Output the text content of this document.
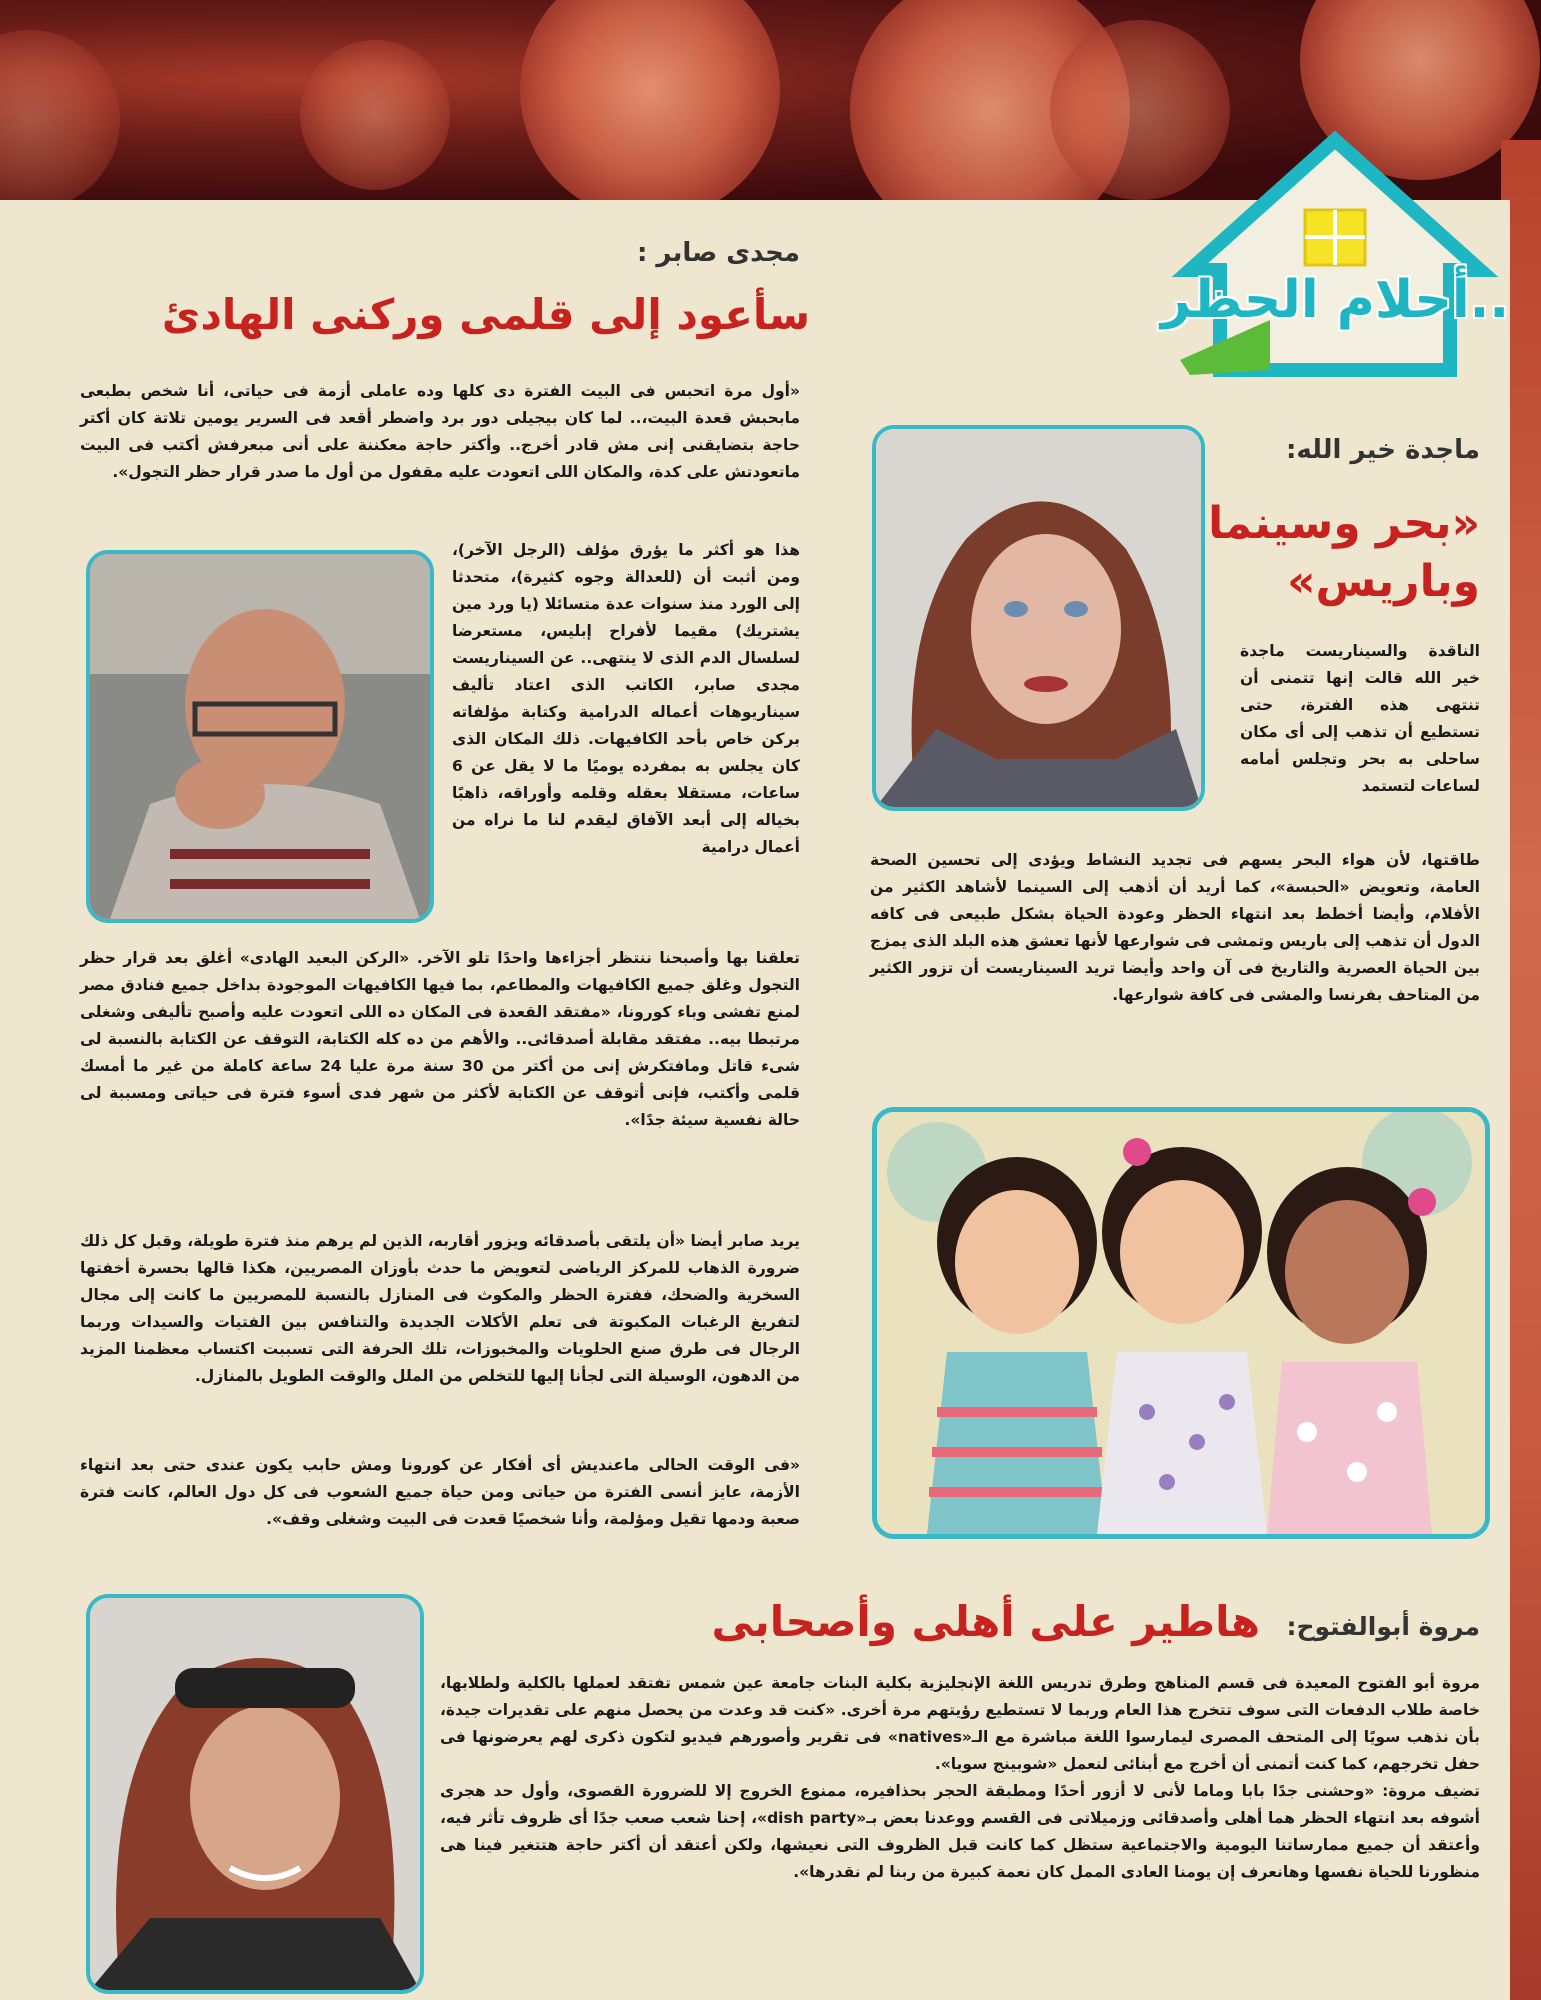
أحلام الحظر..
مجدى صابر :
سأعود إلى قلمى وركنى الهادئ
«أول مرة اتحبس فى البيت الفترة دى كلها وده عاملى أزمة فى حياتى، أنا شخص بطبعى مابحبش قعدة البيت،.. لما كان بيجيلى دور برد واضطر أقعد فى السرير يومين تلاتة كان أكتر حاجة بتضايقنى إنى مش قادر أخرج.. وأكتر حاجة معكننة على أنى مبعرفش أكتب فى البيت ماتعودتش على كدة، والمكان اللى اتعودت عليه مقفول من أول ما صدر قرار حظر التجول».
هذا هو أكثر ما يؤرق مؤلف (الرجل الآخر)، ومن أثبت أن (للعدالة وجوه كثيرة)، متحدثا إلى الورد منذ سنوات عدة متسائلا (يا ورد مين يشتريك) مقيما لأفراح إبليس، مستعرضا لسلسال الدم الذى لا ينتهى.. عن السيناريست مجدى صابر، الكاتب الذى اعتاد تأليف سيناريوهات أعماله الدرامية وكتابة مؤلفاته بركن خاص بأحد الكافيهات. ذلك المكان الذى كان يجلس به بمفرده يوميًا ما لا يقل عن 6 ساعات، مستقلا بعقله وقلمه وأوراقه، ذاهبًا بخياله إلى أبعد الآفاق ليقدم لنا ما نراه من أعمال درامية
تعلقنا بها وأصبحنا ننتظر أجزاءها واحدًا تلو الآخر. «الركن البعيد الهادى» أغلق بعد قرار حظر التجول وغلق جميع الكافيهات والمطاعم، بما فيها الكافيهات الموجودة بداخل جميع فنادق مصر لمنع تفشى وباء كورونا، «مفتقد القعدة فى المكان ده اللى اتعودت عليه وأصبح تأليفى وشغلى مرتبطا بيه.. مفتقد مقابلة أصدقائى.. والأهم من ده كله الكتابة، التوقف عن الكتابة بالنسبة لى شىء قاتل ومافتكرش إنى من أكتر من 30 سنة مرة عليا 24 ساعة كاملة من غير ما أمسك قلمى وأكتب، فإنى أتوقف عن الكتابة لأكثر من شهر فدى أسوء فترة فى حياتى ومسببة لى حالة نفسية سيئة جدًا».
يريد صابر أيضا «أن يلتقى بأصدقائه ويزور أقاربه، الذين لم يرهم منذ فترة طويلة، وقبل كل ذلك ضرورة الذهاب للمركز الرياضى لتعويض ما حدث بأوزان المصريين، هكذا قالها بحسرة أخفتها السخرية والضحك، ففترة الحظر والمكوث فى المنازل بالنسبة للمصريين ما كانت إلى مجال لتفريغ الرغبات المكبوتة فى تعلم الأكلات الجديدة والتنافس بين الفتيات والسيدات وربما الرجال فى طرق صنع الحلويات والمخبوزات، تلك الحرفة التى تسببت اكتساب معظمنا المزيد من الدهون، الوسيلة التى لجأنا إليها للتخلص من الملل والوقت الطويل بالمنازل.
«فى الوقت الحالى ماعنديش أى أفكار عن كورونا ومش حابب يكون عندى حتى بعد انتهاء الأزمة، عايز أنسى الفترة من حياتى ومن حياة جميع الشعوب فى كل دول العالم، كانت فترة صعبة ودمها تقيل ومؤلمة، وأنا شخصيًا قعدت فى البيت وشغلى وقف».
ماجدة خير الله:
«بحر وسينما
وباريس»
الناقدة والسيناريست ماجدة خير الله قالت إنها تتمنى أن تنتهى هذه الفترة، حتى تستطيع أن تذهب إلى أى مكان ساحلى به بحر وتجلس أمامه لساعات لتستمد
طاقتها، لأن هواء البحر يسهم فى تجديد النشاط ويؤدى إلى تحسين الصحة العامة، وتعويض «الحبسة»، كما أريد أن أذهب إلى السينما لأشاهد الكثير من الأفلام، وأيضا أخطط بعد انتهاء الحظر وعودة الحياة بشكل طبيعى فى كافه الدول أن تذهب إلى باريس وتمشى فى شوارعها لأنها تعشق هذه البلد الذى يمزج بين الحياة العصرية والتاريخ فى آن واحد وأيضا تريد السيناريست أن تزور الكثير من المتاحف بفرنسا والمشى فى كافة شوارعها.
مروة أبوالفتوح:
هاطير على أهلى وأصحابى

مروة أبو الفتوح المعيدة فى قسم المناهج وطرق تدريس اللغة الإنجليزية بكلية البنات جامعة عين شمس تفتقد لعملها بالكلية ولطلابها، خاصة طلاب الدفعات التى سوف تتخرج هذا العام وربما لا تستطيع رؤيتهم مرة أخرى. «كنت قد وعدت من يحصل منهم على تقديرات جيدة، بأن نذهب سويًا إلى المتحف المصرى ليمارسوا اللغة مباشرة مع الـ«natives» فى تقرير وأصورهم فيديو لتكون ذكرى لهم يعرضونها فى حفل تخرجهم، كما كنت أتمنى أن أخرج مع أبنائى لنعمل «شوبينج سويا».

تضيف مروة: «وحشنى جدًا بابا وماما لأنى لا أزور أحدًا ومطبقة الحجر بحذافيره، ممنوع الخروج إلا للضرورة القصوى، وأول حد هجرى أشوفه بعد انتهاء الحظر هما أهلى وأصدقائى وزميلاتى فى القسم ووعدنا بعض بـ«dish party»، إحنا شعب صعب جدًا أى ظروف تأثر فيه، وأعتقد أن جميع ممارساتنا اليومية والاجتماعية ستظل كما كانت قبل الظروف التى نعيشها، ولكن أعتقد أن أكتر حاجة هتتغير فينا هى منظورنا للحياة نفسها وهانعرف إن يومنا العادى الممل كان نعمة كبيرة من ربنا لم نقدرها».
